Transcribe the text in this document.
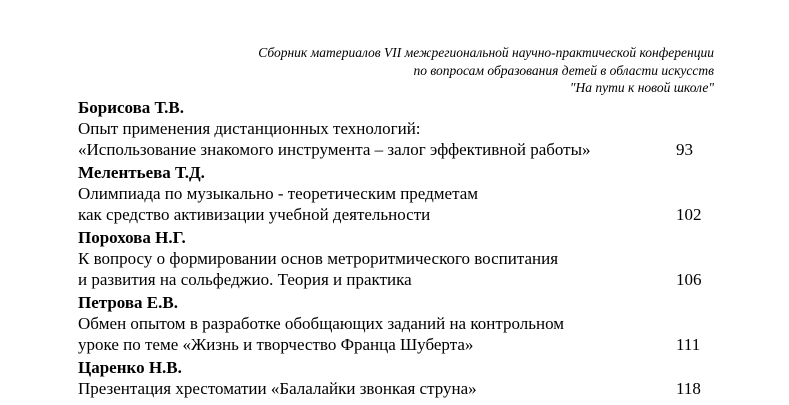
Сборник материалов VII межрегиональной научно-практической конференции
по вопросам образования детей в области искусств
"На пути к новой школе"
Борисова Т.В.
Опыт применения дистанционных технологий:
«Использование знакомого инструмента – залог эффективной работы»	93
Мелентьева Т.Д.
Олимпиада по музыкально - теоретическим предметам
как средство активизации учебной деятельности	102
Порохова Н.Г.
К вопросу о формировании основ метроритмического воспитания
и развития на сольфеджио. Теория и практика	106
Петрова Е.В.
Обмен опытом в разработке обобщающих заданий на контрольном
уроке по теме «Жизнь и творчество Франца Шуберта»	111
Царенко Н.В.
Презентация хрестоматии «Балалайки звонкая струна»	118
